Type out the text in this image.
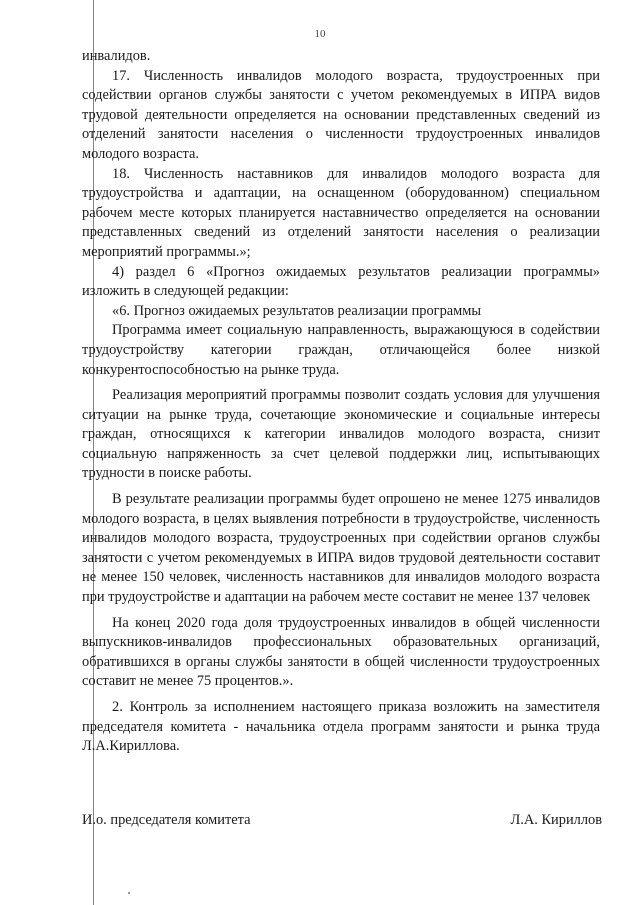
10

инвалидов.

17. Численность инвалидов молодого возраста, трудоустроенных при содействии органов службы занятости с учетом рекомендуемых в ИПРА видов трудовой деятельности определяется на основании представленных сведений из отделений занятости населения о численности трудоустроенных инвалидов молодого возраста.

18. Численность наставников для инвалидов молодого возраста для трудоустройства и адаптации, на оснащенном (оборудованном) специальном рабочем месте которых планируется наставничество определяется на основании представленных сведений из отделений занятости населения о реализации мероприятий программы.»;

4) раздел 6 «Прогноз ожидаемых результатов реализации программы» изложить в следующей редакции:

«6. Прогноз ожидаемых результатов реализации программы

Программа имеет социальную направленность, выражающуюся в содействии трудоустройству категории граждан, отличающейся более низкой конкурентоспособностью на рынке труда.

Реализация мероприятий программы позволит создать условия для улучшения ситуации на рынке труда, сочетающие экономические и социальные интересы граждан, относящихся к категории инвалидов молодого возраста, снизит социальную напряженность за счет целевой поддержки лиц, испытывающих трудности в поиске работы.

В результате реализации программы будет опрошено не менее 1275 инвалидов молодого возраста, в целях выявления потребности в трудоустройстве, численность инвалидов молодого возраста, трудоустроенных при содействии органов службы занятости с учетом рекомендуемых в ИПРА видов трудовой деятельности составит не менее 150 человек, численность наставников для инвалидов молодого возраста при трудоустройстве и адаптации на рабочем месте составит не менее 137 человек

На конец 2020 года доля трудоустроенных инвалидов в общей численности выпускников-инвалидов профессиональных образовательных организаций, обратившихся в органы службы занятости в общей численности трудоустроенных составит не менее 75 процентов.».

2. Контроль за исполнением настоящего приказа возложить на заместителя председателя комитета - начальника отдела программ занятости и рынка труда Л.А.Кириллова.

И.о. председателя комитета	Л.А. Кириллов
